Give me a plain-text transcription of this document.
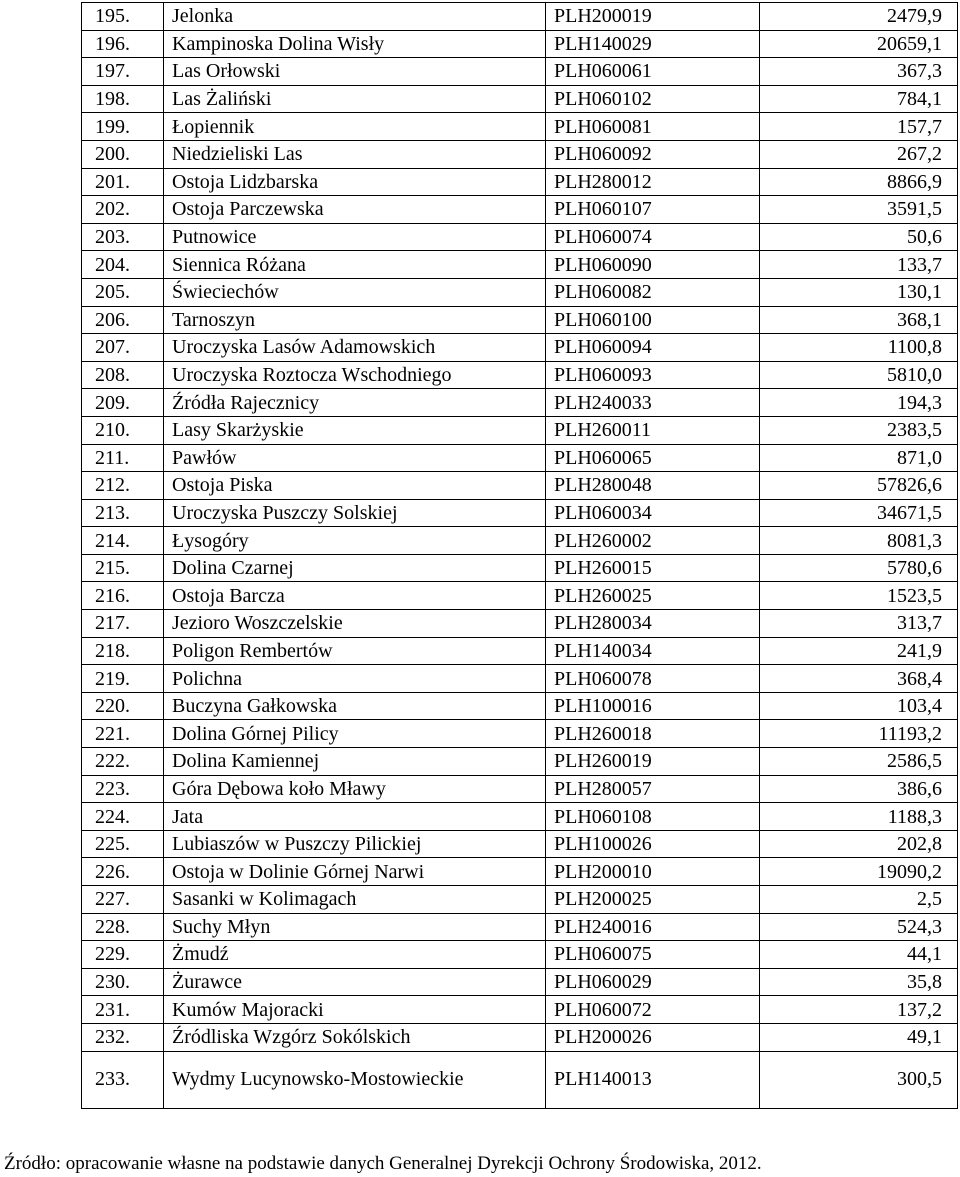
195.	Jelonka	PLH200019	2479,9
196.	Kampinoska Dolina Wisły	PLH140029	20659,1
197.	Las Orłowski	PLH060061	367,3
198.	Las Żaliński	PLH060102	784,1
199.	Łopiennik	PLH060081	157,7
200.	Niedzieliski Las	PLH060092	267,2
201.	Ostoja Lidzbarska	PLH280012	8866,9
202.	Ostoja Parczewska	PLH060107	3591,5
203.	Putnowice	PLH060074	50,6
204.	Siennica Różana	PLH060090	133,7
205.	Świeciechów	PLH060082	130,1
206.	Tarnoszyn	PLH060100	368,1
207.	Uroczyska Lasów Adamowskich	PLH060094	1100,8
208.	Uroczyska Roztocza Wschodniego	PLH060093	5810,0
209.	Źródła Rajecznicy	PLH240033	194,3
210.	Lasy Skarżyskie	PLH260011	2383,5
211.	Pawłów	PLH060065	871,0
212.	Ostoja Piska	PLH280048	57826,6
213.	Uroczyska Puszczy Solskiej	PLH060034	34671,5
214.	Łysogóry	PLH260002	8081,3
215.	Dolina Czarnej	PLH260015	5780,6
216.	Ostoja Barcza	PLH260025	1523,5
217.	Jezioro Woszczelskie	PLH280034	313,7
218.	Poligon Rembertów	PLH140034	241,9
219.	Polichna	PLH060078	368,4
220.	Buczyna Gałkowska	PLH100016	103,4
221.	Dolina Górnej Pilicy	PLH260018	11193,2
222.	Dolina Kamiennej	PLH260019	2586,5
223.	Góra Dębowa koło Mławy	PLH280057	386,6
224.	Jata	PLH060108	1188,3
225.	Lubiaszów w Puszczy Pilickiej	PLH100026	202,8
226.	Ostoja w Dolinie Górnej Narwi	PLH200010	19090,2
227.	Sasanki w Kolimagach	PLH200025	2,5
228.	Suchy Młyn	PLH240016	524,3
229.	Żmudź	PLH060075	44,1
230.	Żurawce	PLH060029	35,8
231.	Kumów Majoracki	PLH060072	137,2
232.	Źródliska Wzgórz Sokólskich	PLH200026	49,1
233.	Wydmy Lucynowsko-Mostowieckie	PLH140013	300,5
Źródło: opracowanie własne na podstawie danych Generalnej Dyrekcji Ochrony Środowiska, 2012.
